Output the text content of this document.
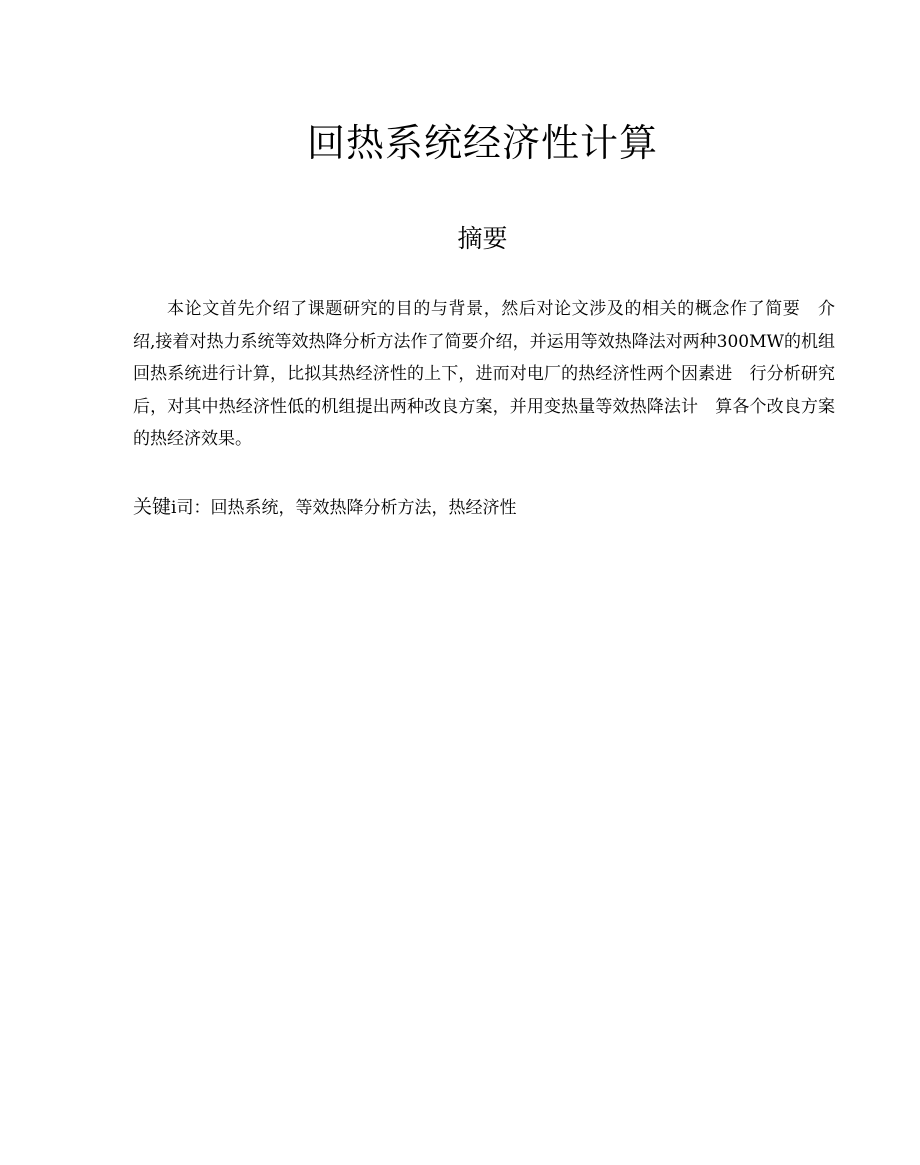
回热系统经济性计算
摘要

本论文首先介绍了课题研究的目的与背景，然后对论文涉及的相关的概念作了简要　介绍,接着对热力系统等效热降分析方法作了简要介绍，并运用等效热降法对两种300MW的机组回热系统进行计算，比拟其热经济性的上下，进而对电厂的热经济性两个因素进　行分析研究后，对其中热经济性低的机组提出两种改良方案，并用变热量等效热降法计　算各个改良方案的热经济效果。

关键i司：回热系统，等效热降分析方法，热经济性
